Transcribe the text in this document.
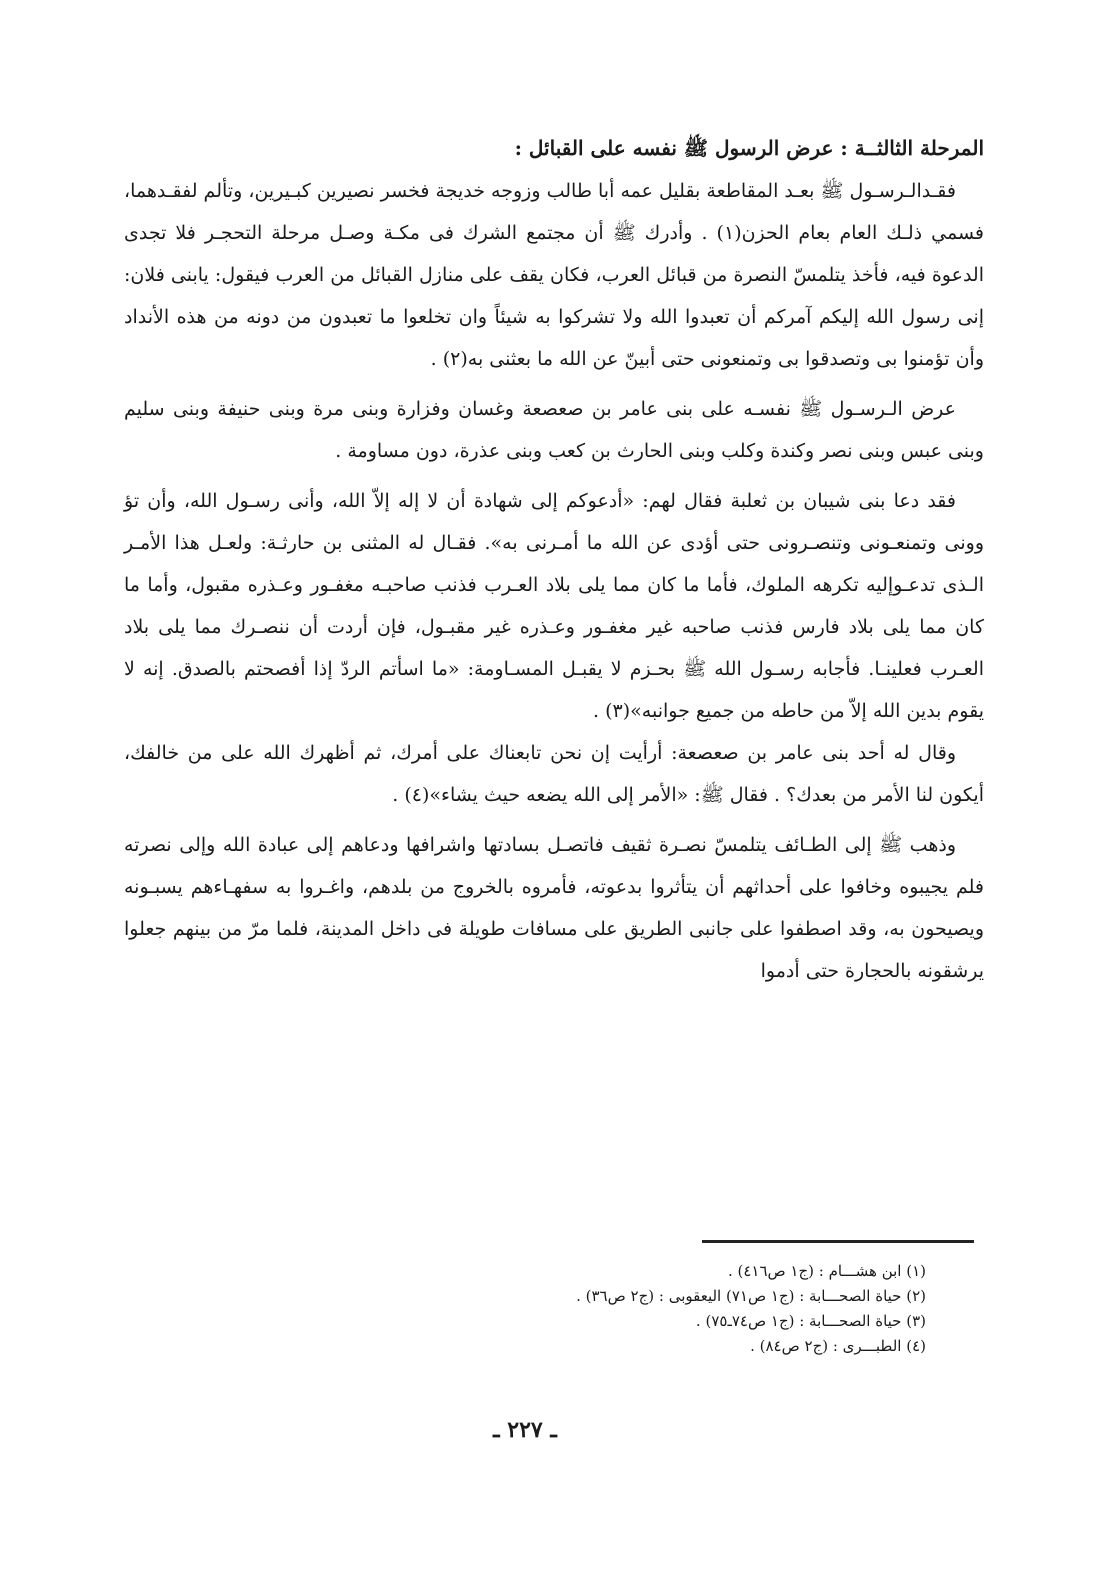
المرحلة الثالثــة : عرض الرسول ﷺ نفسه على القبائل :

فقـدالـرسـول ﷺ بعـد المقاطعة بقليل عمه أبا طالب وزوجه خديجة فخسر نصيرين كبـيرين، وتألم لفقـدهما، فسمي ذلـك العام بعام الحزن(١) . وأدرك ﷺ أن مجتمع الشرك فى مكـة وصـل مرحلة التحجـر فلا تجدى الدعوة فيه، فأخذ يتلمسّ النصرة من قبائل العرب، فكان يقف على منازل القبائل من العرب فيقول: يابنى فلان: إنى رسول الله إليكم آمركم أن تعبدوا الله ولا تشركوا به شيئاً وان تخلعوا ما تعبدون من دونه من هذه الأنداد وأن تؤمنوا بى وتصدقوا بى وتمنعونى حتى أبينّ عن الله ما بعثنى به(٢) .

عرض الـرسـول ﷺ نفسـه على بنى عامر بن صعصعة وغسان وفزارة وبنى مرة وبنى حنيفة وبنى سليم وبنى عبس وبنى نصر وكندة وكلب وبنى الحارث بن كعب وبنى عذرة، دون مساومة .

فقد دعا بنى شيبان بن ثعلبة فقال لهم: «أدعوكم إلى شهادة أن لا إله إلاّ الله، وأنى رسـول الله، وأن تؤ وونى وتمنعـونى وتنصـرونى حتى أؤدى عن الله ما أمـرنى به». فقـال له المثنى بن حارثـة: ولعـل هذا الأمـر الـذى تدعـوإليه تكرهه الملوك، فأما ما كان مما يلى بلاد العـرب فذنب صاحبـه مغفـور وعـذره مقبول، وأما ما كان مما يلى بلاد فارس فذنب صاحبه غير مغفـور وعـذره غير مقبـول، فإن أردت أن ننصـرك مما يلى بلاد العـرب فعلينـا. فأجابه رسـول الله ﷺ بحـزم لا يقبـل المسـاومة: «ما اسأتم الردّ إذا أفصحتم بالصدق. إنه لا يقوم بدين الله إلاّ من حاطه من جميع جوانبه»(٣) .

وقال له أحد بنى عامر بن صعصعة: أرأيت إن نحن تابعناك على أمرك، ثم أظهرك الله على من خالفك، أيكون لنا الأمر من بعدك؟ . فقال ﷺ: «الأمر إلى الله يضعه حيث يشاء»(٤) .

وذهب ﷺ إلى الطـائف يتلمسّ نصـرة ثقيف فاتصـل بسادتها واشرافها ودعاهم إلى عبادة الله وإلى نصرته فلم يجيبوه وخافوا على أحداثهم أن يتأثروا بدعوته، فأمروه بالخروج من بلدهم، واغـروا به سفهـاءهم يسبـونه ويصيحون به، وقد اصطفوا على جانبى الطريق على مسافات طويلة فى داخل المدينة، فلما مرّ من بينهم جعلوا يرشقونه بالحجارة حتى أدموا

(١) ابن هشـــام : (ج١ ص٤١٦) .

(٢) حياة الصحـــابة : (ج١ ص٧١) اليعقوبى : (ج٢ ص٣٦) .

(٣) حياة الصحـــابة : (ج١ ص٧٤ـ٧٥) .

(٤) الطبـــرى : (ج٢ ص٨٤) .

ـ ٢٢٧ ـ
